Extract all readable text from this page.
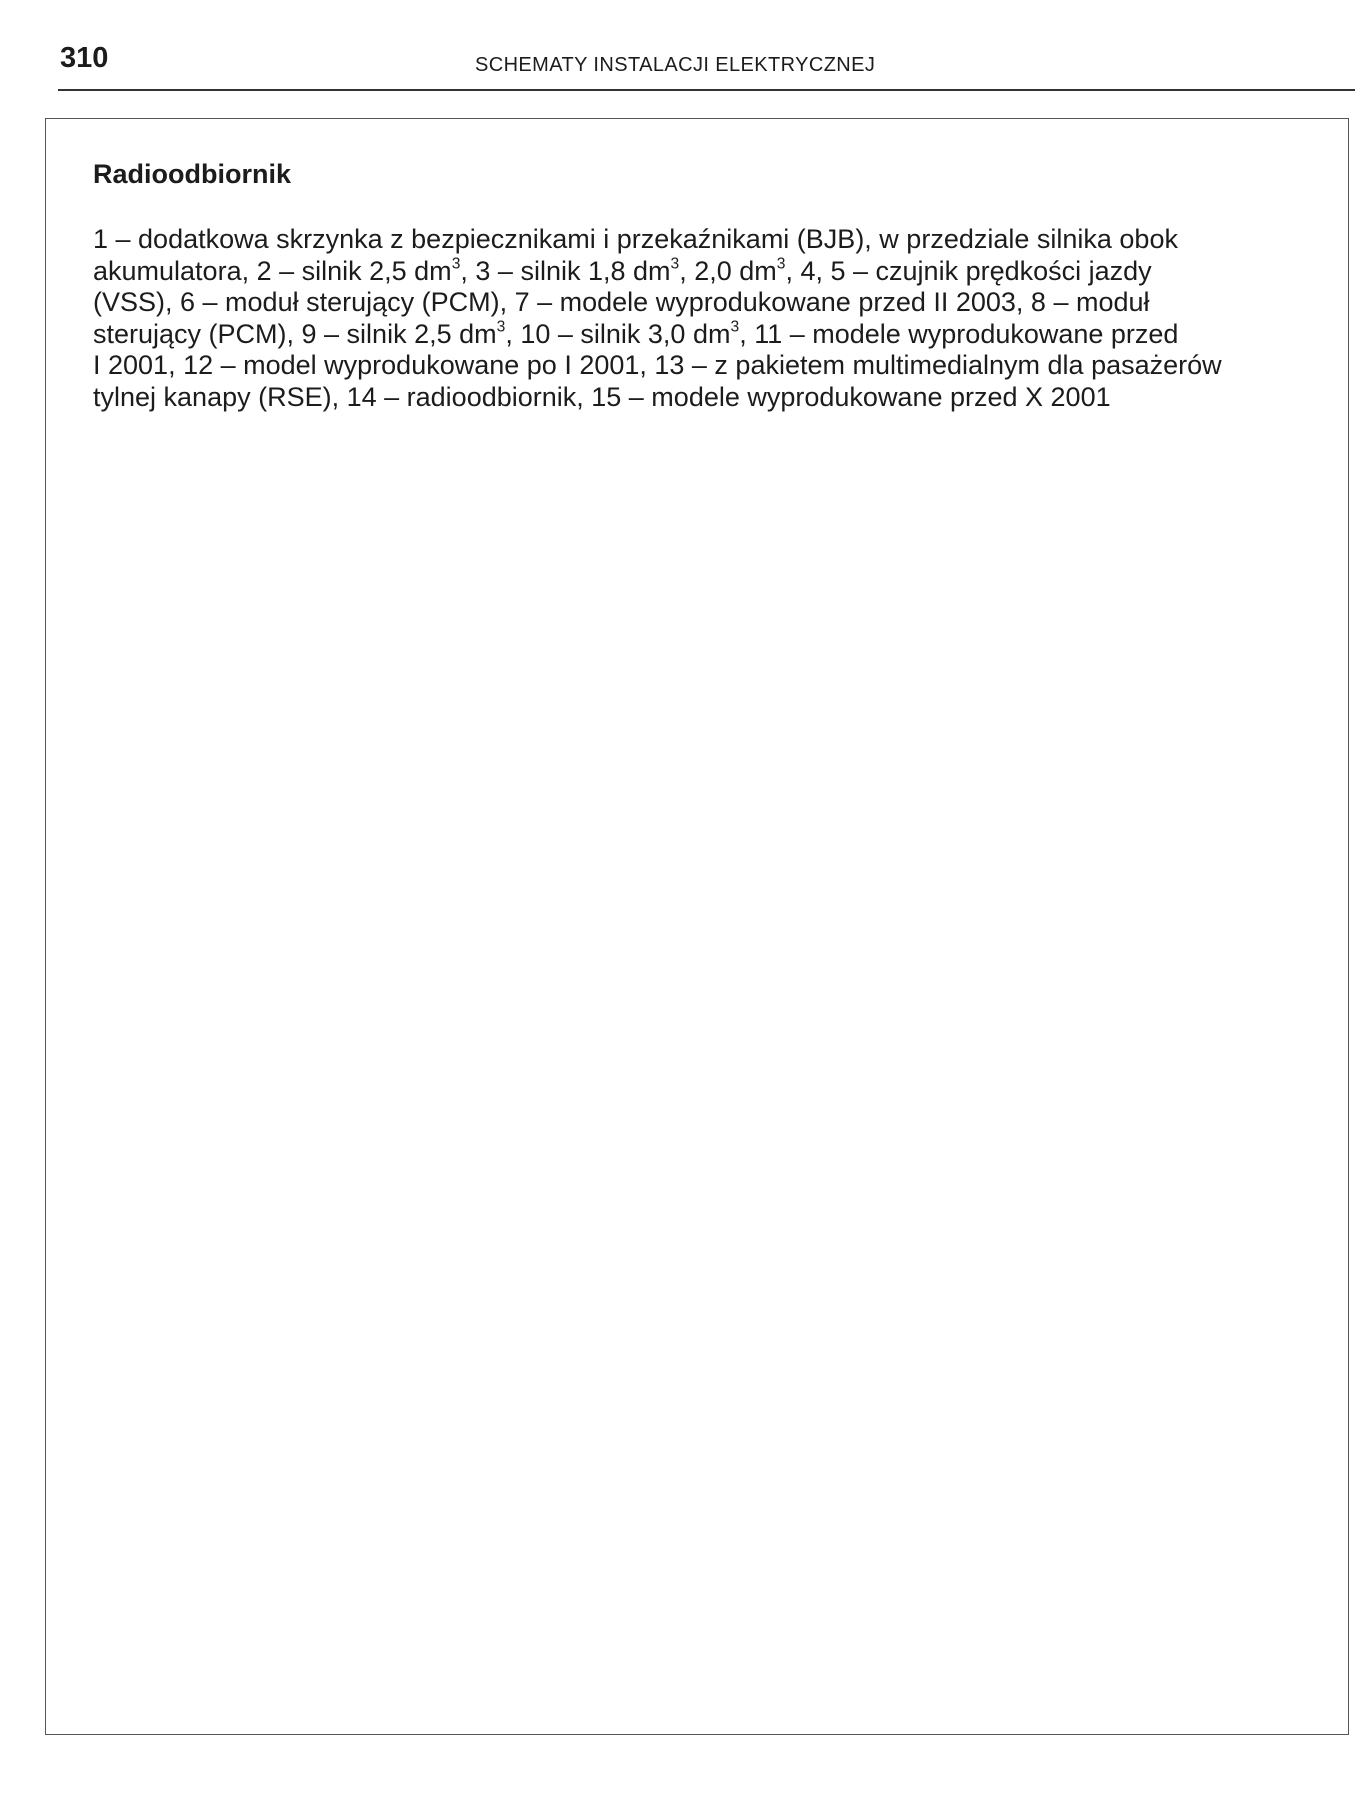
310	SCHEMATY INSTALACJI ELEKTRYCZNEJ
Radioodbiornik

1 – dodatkowa skrzynka z bezpiecznikami i przekaźnikami (BJB), w przedziale silnika obok
akumulatora, 2 – silnik 2,5 $dm^3$, 3 – silnik 1,8 $dm^3$, 2,0 $dm^3$, 4, 5 – czujnik prędkości jazdy
(VSS), 6 – moduł sterujący (PCM), 7 – modele wyprodukowane przed II 2003, 8 – moduł
sterujący (PCM), 9 – silnik 2,5 $dm^3$, 10 – silnik 3,0 $dm^3$, 11 – modele wyprodukowane przed
I 2001, 12 – model wyprodukowane po I 2001, 13 – z pakietem multimedialnym dla pasażerów
tylnej kanapy (RSE), 14 – radioodbiornik, 15 – modele wyprodukowane przed X 2001
